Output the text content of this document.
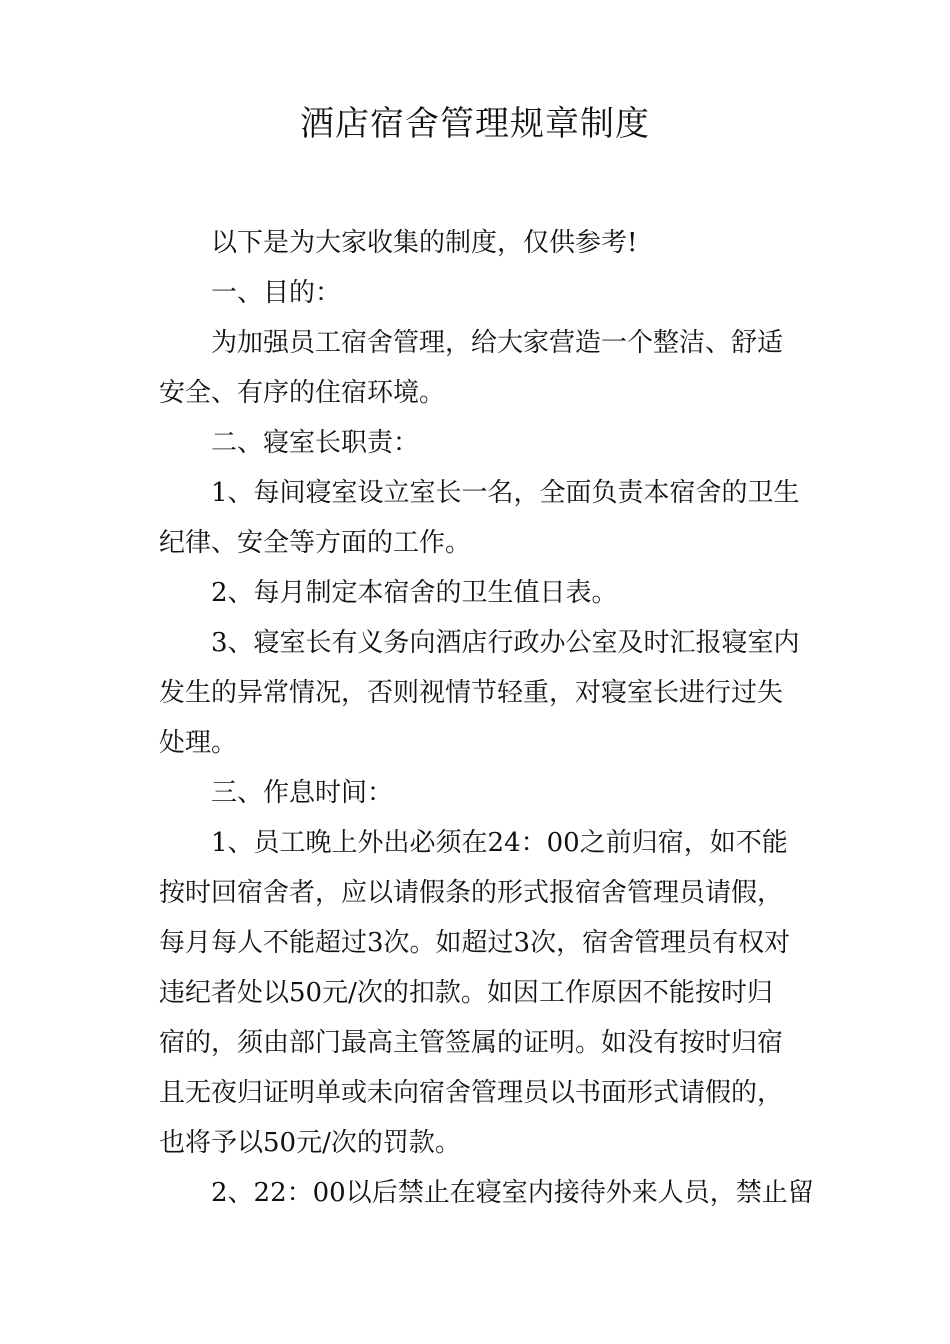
酒店宿舍管理规章制度

以下是为大家收集的制度，仅供参考!

一、目的：

为加强员工宿舍管理，给大家营造一个整洁、舒适

安全、有序的住宿环境。

二、寝室长职责：

1、每间寝室设立室长一名，全面负责本宿舍的卫生

纪律、安全等方面的工作。

2、每月制定本宿舍的卫生值日表。

3、寝室长有义务向酒店行政办公室及时汇报寝室内

发生的异常情况，否则视情节轻重，对寝室长进行过失

处理。

三、作息时间：

1、员工晚上外出必须在24：00之前归宿，如不能

按时回宿舍者，应以请假条的形式报宿舍管理员请假，

每月每人不能超过3次。如超过3次，宿舍管理员有权对

违纪者处以50元/次的扣款。如因工作原因不能按时归

宿的，须由部门最高主管签属的证明。如没有按时归宿

且无夜归证明单或未向宿舍管理员以书面形式请假的，

也将予以50元/次的罚款。

2、22：00以后禁止在寝室内接待外来人员，禁止留
